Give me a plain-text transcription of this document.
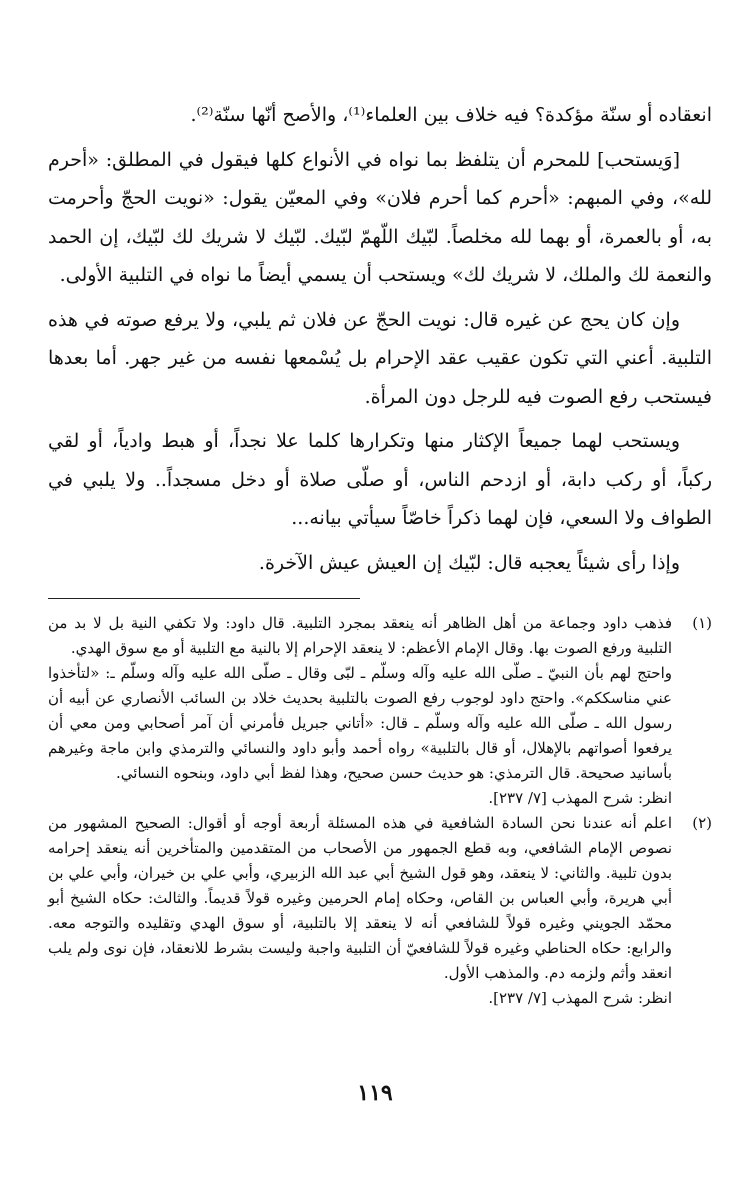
انعقاده أو سنّة مؤكدة؟ فيه خلاف بين العلماء⁽¹⁾، والأصح أنّها سنّة⁽²⁾.

[وَيستحب] للمحرم أن يتلفظ بما نواه في الأنواع كلها فيقول في المطلق: «أحرم لله»، وفي المبهم: «أحرم كما أحرم فلان» وفي المعيّن يقول: «نويت الحجّ وأحرمت به، أو بالعمرة، أو بهما لله مخلصاً. لبّيك اللّهمّ لبّيك. لبّيك لا شريك لك لبّيك، إن الحمد والنعمة لك والملك، لا شريك لك» ويستحب أن يسمي أيضاً ما نواه في التلبية الأولى.

وإن كان يحج عن غيره قال: نويت الحجّ عن فلان ثم يلبي، ولا يرفع صوته في هذه التلبية. أعني التي تكون عقيب عقد الإحرام بل يُسْمعها نفسه من غير جهر. أما بعدها فيستحب رفع الصوت فيه للرجل دون المرأة.

ويستحب لهما جميعاً الإكثار منها وتكرارها كلما علا نجداً، أو هبط وادياً، أو لقي ركباً، أو ركب دابة، أو ازدحم الناس، أو صلّى صلاة أو دخل مسجداً.. ولا يلبي في الطواف ولا السعي، فإن لهما ذكراً خاصّاً سيأتي بيانه...

وإذا رأى شيئاً يعجبه قال: لبّيك إن العيش عيش الآخرة.

(١)

فذهب داود وجماعة من أهل الظاهر أنه ينعقد بمجرد التلبية. قال داود: ولا تكفي النية بل لا بد من التلبية ورفع الصوت بها. وقال الإمام الأعظم: لا ينعقد الإحرام إلا بالنية مع التلبية أو مع سوق الهدي.

واحتج لهم بأن النبيّ ـ صلّى الله عليه وآله وسلّم ـ لبّى وقال ـ صلّى الله عليه وآله وسلّم ـ: «لتأخذوا عني مناسككم». واحتج داود لوجوب رفع الصوت بالتلبية بحديث خلاد بن السائب الأنصاري عن أبيه أن رسول الله ـ صلّى الله عليه وآله وسلّم ـ قال: «أتاني جبريل فأمرني أن آمر أصحابي ومن معي أن يرفعوا أصواتهم بالإهلال، أو قال بالتلبية» رواه أحمد وأبو داود والنسائي والترمذي وابن ماجة وغيرهم بأسانيد صحيحة. قال الترمذي: هو حديث حسن صحيح، وهذا لفظ أبي داود، وبنحوه النسائي.

انظر: شرح المهذب [٧/ ٢٣٧].

(٢)

اعلم أنه عندنا نحن السادة الشافعية في هذه المسئلة أربعة أوجه أو أقوال: الصحيح المشهور من نصوص الإمام الشافعي، وبه قطع الجمهور من الأصحاب من المتقدمين والمتأخرين أنه ينعقد إحرامه بدون تلبية. والثاني: لا ينعقد، وهو قول الشيخ أبي عبد الله الزبيري، وأبي علي بن خيران، وأبي علي بن أبي هريرة، وأبي العباس بن القاص، وحكاه إمام الحرمين وغيره قولاً قديماً. والثالث: حكاه الشيخ أبو محمّد الجويني وغيره قولاً للشافعي أنه لا ينعقد إلا بالتلبية، أو سوق الهدي وتقليده والتوجه معه. والرابع: حكاه الحناطي وغيره قولاً للشافعيّ أن التلبية واجبة وليست بشرط للانعقاد، فإن نوى ولم يلب انعقد وأثم ولزمه دم. والمذهب الأول.

انظر: شرح المهذب [٧/ ٢٣٧].

١١٩
